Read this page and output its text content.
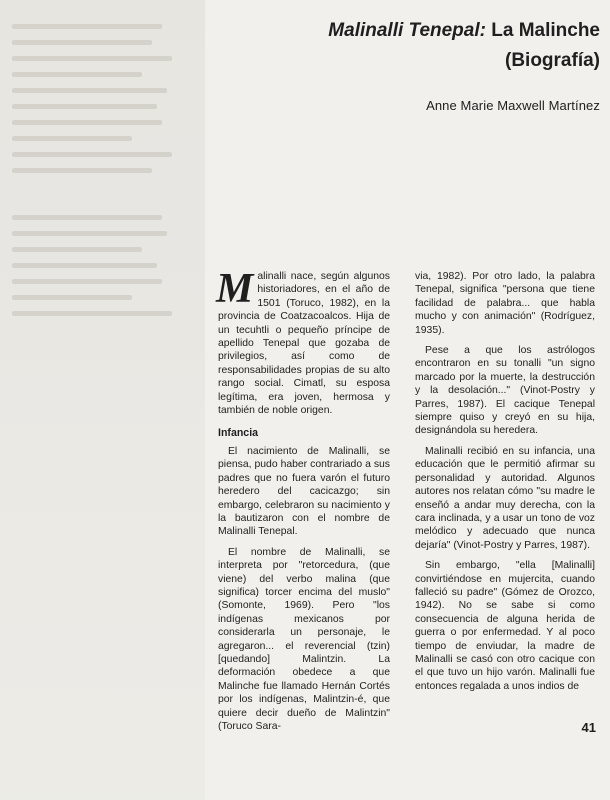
Malinalli Tenepal: La Malinche
(Biografía)
Anne Marie Maxwell Martínez

Malinalli nace, según algunos historiadores, en el año de 1501 (Toruco, 1982), en la provincia de Coatzacoalcos. Hija de un tecuhtli o pequeño príncipe de apellido Tenepal que gozaba de privilegios, así como de responsabilidades propias de su alto rango social. Cimatl, su esposa legítima, era joven, hermosa y también de noble origen.

Infancia

El nacimiento de Malinalli, se piensa, pudo haber contrariado a sus padres que no fuera varón el futuro heredero del cacicazgo; sin embargo, celebraron su nacimiento y la bautizaron con el nombre de Malinalli Tenepal.

El nombre de Malinalli, se interpreta por "retorcedura, (que viene) del verbo malina (que significa) torcer encima del muslo" (Somonte, 1969). Pero "los indígenas mexicanos por considerarla un personaje, le agregaron... el reverencial (tzin) [quedando] Malintzin. La deformación obedece a que Malinche fue llamado Hernán Cortés por los indígenas, Malintzin-é, que quiere decir dueño de Malintzin" (Toruco Sara-

via, 1982). Por otro lado, la palabra Tenepal, significa "persona que tiene facilidad de palabra... que habla mucho y con animación" (Rodríguez, 1935).

Pese a que los astrólogos encontraron en su tonalli "un signo marcado por la muerte, la destrucción y la desolación..." (Vinot-Postry y Parres, 1987). El cacique Tenepal siempre quiso y creyó en su hija, designándola su heredera.

Malinalli recibió en su infancia, una educación que le permitió afirmar su personalidad y autoridad. Algunos autores nos relatan cómo "su madre le enseñó a andar muy derecha, con la cara inclinada, y a usar un tono de voz melódico y adecuado que nunca dejaría" (Vinot-Postry y Parres, 1987).

Sin embargo, "ella [Malinalli] convirtiéndose en mujercita, cuando falleció su padre" (Gómez de Orozco, 1942). No se sabe si como consecuencia de alguna herida de guerra o por enfermedad. Y al poco tiempo de enviudar, la madre de Malinalli se casó con otro cacique con el que tuvo un hijo varón. Malinalli fue entonces regalada a unos indios de

41
